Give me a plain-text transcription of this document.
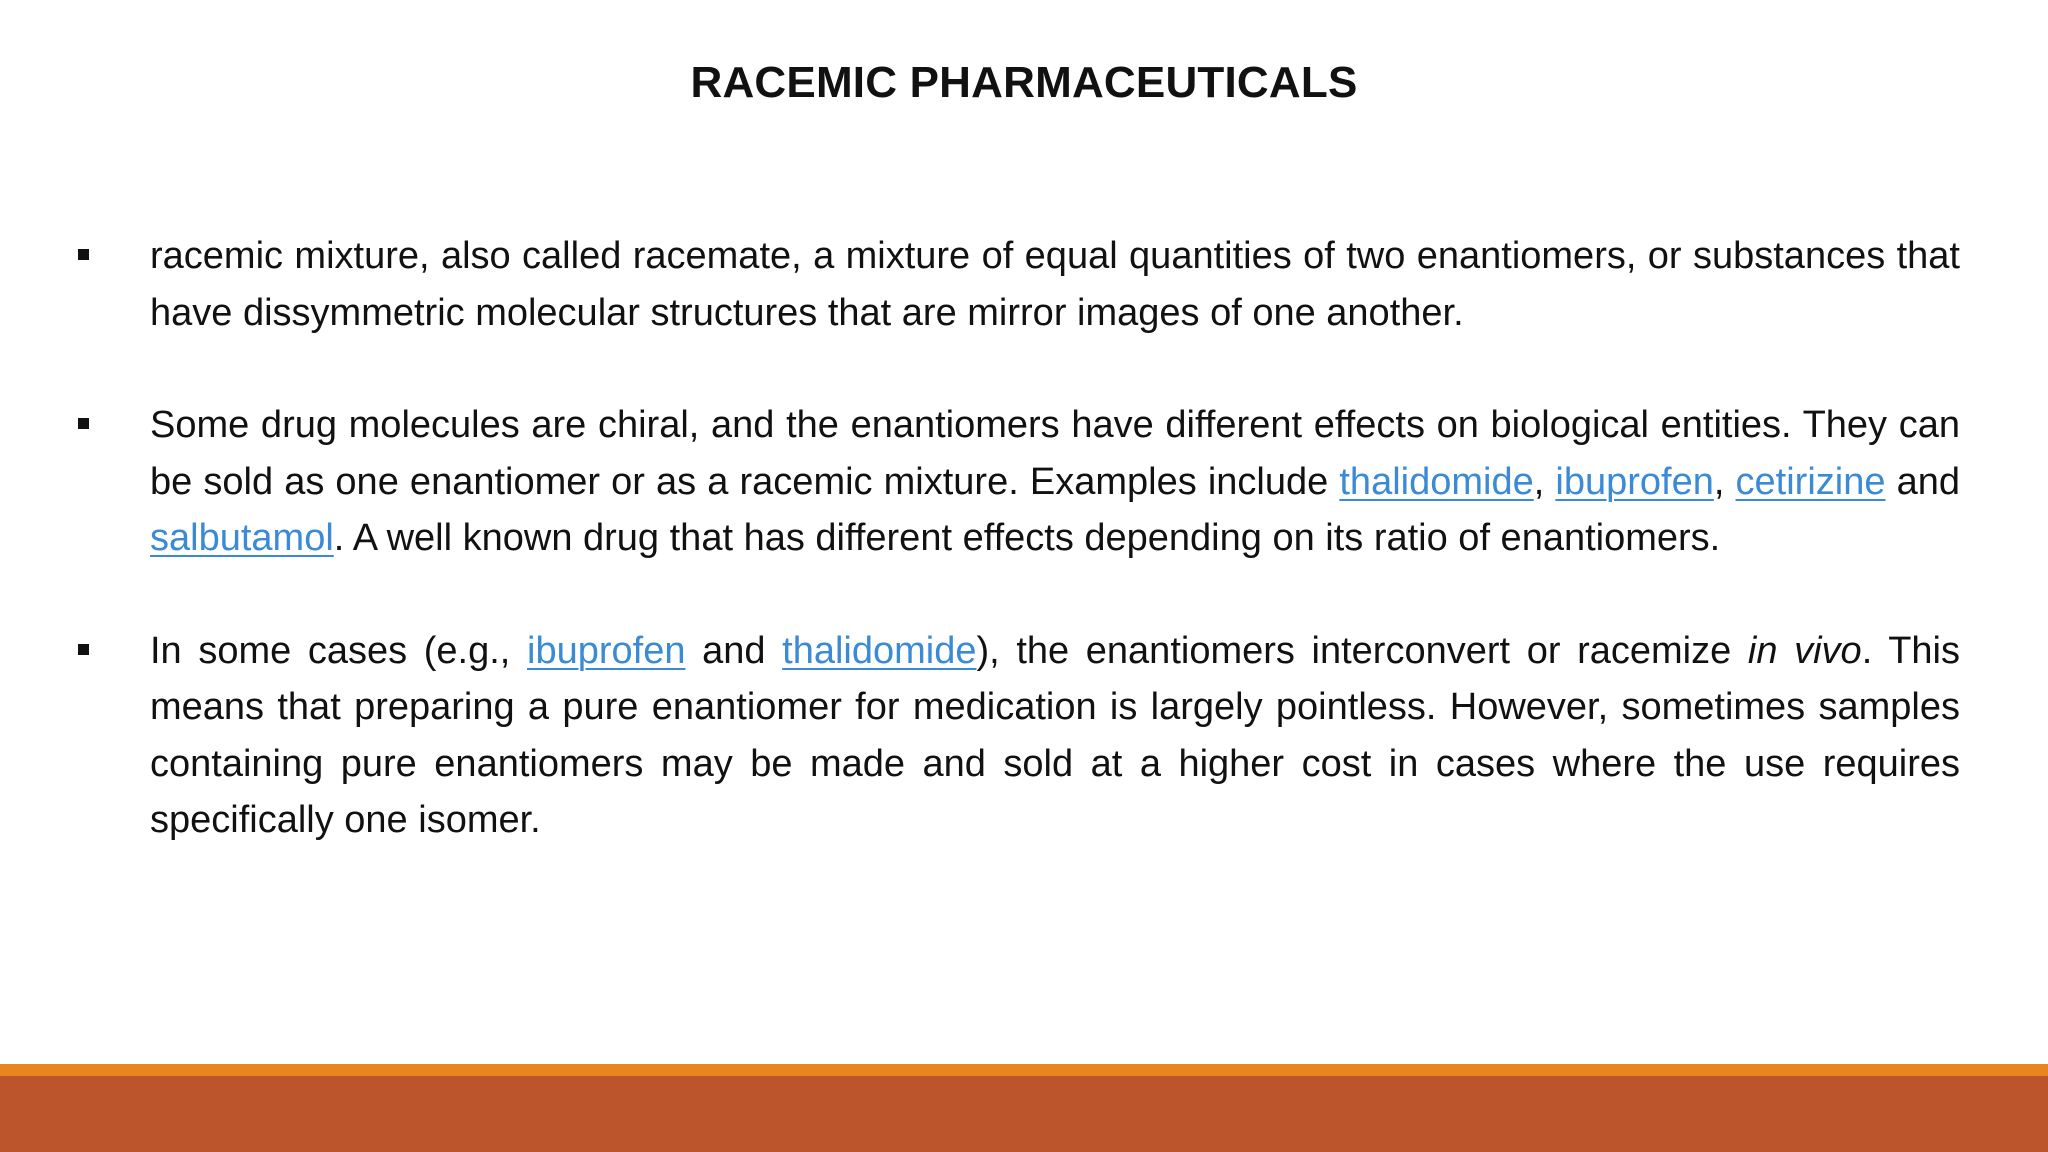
RACEMIC PHARMACEUTICALS
racemic mixture, also called racemate, a mixture of equal quantities of two enantiomers, or substances that have dissymmetric molecular structures that are mirror images of one another.
Some drug molecules are chiral, and the enantiomers have different effects on biological entities. They can be sold as one enantiomer or as a racemic mixture. Examples include thalidomide, ibuprofen, cetirizine and salbutamol. A well known drug that has different effects depending on its ratio of enantiomers.
In some cases (e.g., ibuprofen and thalidomide), the enantiomers interconvert or racemize in vivo. This means that preparing a pure enantiomer for medication is largely pointless. However, sometimes samples containing pure enantiomers may be made and sold at a higher cost in cases where the use requires specifically one isomer.
